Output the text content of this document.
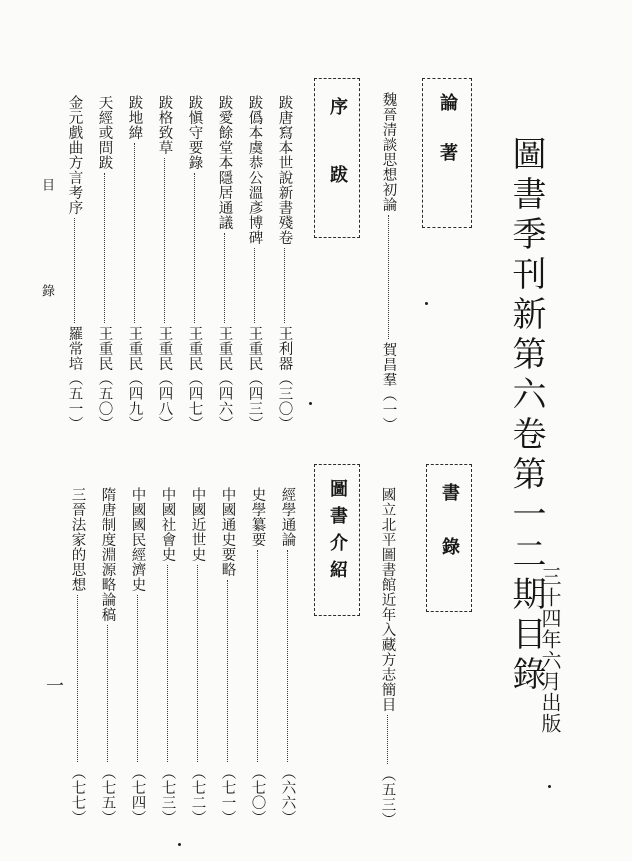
圖書季刊新第六卷第一二期目錄
三十四年六月出版
論著
魏晉清談思想初論
賀昌羣
（一）
序跋
跋唐寫本世說新書殘卷
王利器
（三〇）
跋僞本虞恭公溫彥博碑
王重民
（四三）
跋愛餘堂本隱居通議
王重民
（四六）
跋愼守要錄
王重民
（四七）
跋格致草
王重民
（四八）
跋地緯
王重民
（四九）
天經或問跋
王重民
（五〇）
金元戲曲方言考序
羅常培
（五一）
書錄
國立北平圖書館近年入藏方志簡目
（五三）
圖書介紹
經學通論
（六六）
史學纂要
（七〇）
中國通史要略
（七一）
中國近世史
（七二）
中國社會史
（七三）
中國國民經濟史
（七四）
隋唐制度淵源略論稿
（七五）
三晉法家的思想
（七七）
目　錄
一
